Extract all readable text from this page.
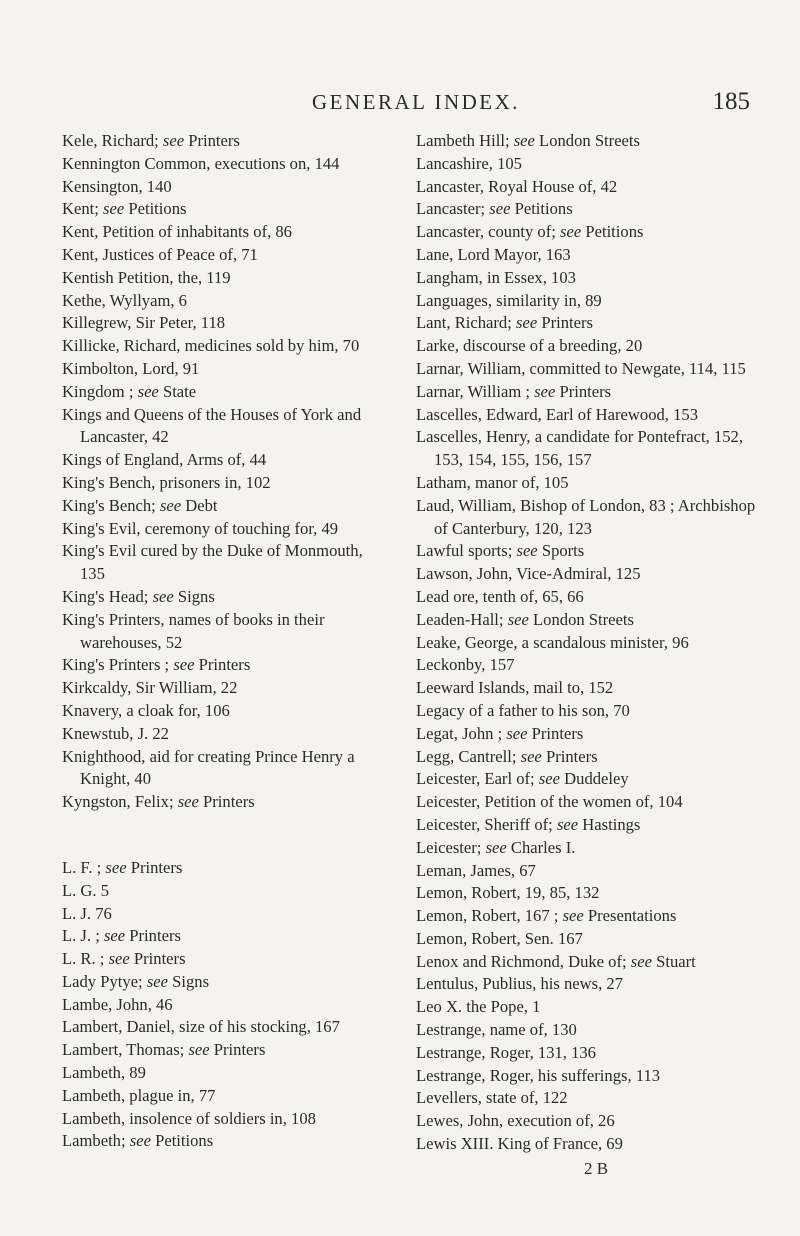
GENERAL INDEX.	185
Kele, Richard; see Printers
Kennington Common, executions on, 144
Kensington, 140
Kent; see Petitions
Kent, Petition of inhabitants of, 86
Kent, Justices of Peace of, 71
Kentish Petition, the, 119
Kethe, Wyllyam, 6
Killegrew, Sir Peter, 118
Killicke, Richard, medicines sold by him, 70
Kimbolton, Lord, 91
Kingdom ; see State
Kings and Queens of the Houses of York and Lancaster, 42
Kings of England, Arms of, 44
King's Bench, prisoners in, 102
King's Bench; see Debt
King's Evil, ceremony of touching for, 49
King's Evil cured by the Duke of Monmouth, 135
King's Head; see Signs
King's Printers, names of books in their warehouses, 52
King's Printers ; see Printers
Kirkcaldy, Sir William, 22
Knavery, a cloak for, 106
Knewstub, J. 22
Knighthood, aid for creating Prince Henry a Knight, 40
Kyngston, Felix; see Printers
L. F. ; see Printers
L. G. 5
L. J. 76
L. J. ; see Printers
L. R. ; see Printers
Lady Pytye; see Signs
Lambe, John, 46
Lambert, Daniel, size of his stocking, 167
Lambert, Thomas; see Printers
Lambeth, 89
Lambeth, plague in, 77
Lambeth, insolence of soldiers in, 108
Lambeth; see Petitions
Lambeth Hill; see London Streets
Lancashire, 105
Lancaster, Royal House of, 42
Lancaster; see Petitions
Lancaster, county of; see Petitions
Lane, Lord Mayor, 163
Langham, in Essex, 103
Languages, similarity in, 89
Lant, Richard; see Printers
Larke, discourse of a breeding, 20
Larnar, William, committed to Newgate, 114, 115
Larnar, William ; see Printers
Lascelles, Edward, Earl of Harewood, 153
Lascelles, Henry, a candidate for Pontefract, 152, 153, 154, 155, 156, 157
Latham, manor of, 105
Laud, William, Bishop of London, 83 ; Archbishop of Canterbury, 120, 123
Lawful sports; see Sports
Lawson, John, Vice-Admiral, 125
Lead ore, tenth of, 65, 66
Leaden-Hall; see London Streets
Leake, George, a scandalous minister, 96
Leckonby, 157
Leeward Islands, mail to, 152
Legacy of a father to his son, 70
Legat, John ; see Printers
Legg, Cantrell; see Printers
Leicester, Earl of; see Duddeley
Leicester, Petition of the women of, 104
Leicester, Sheriff of; see Hastings
Leicester; see Charles I.
Leman, James, 67
Lemon, Robert, 19, 85, 132
Lemon, Robert, 167 ; see Presentations
Lemon, Robert, Sen. 167
Lenox and Richmond, Duke of; see Stuart
Lentulus, Publius, his news, 27
Leo X. the Pope, 1
Lestrange, name of, 130
Lestrange, Roger, 131, 136
Lestrange, Roger, his sufferings, 113
Levellers, state of, 122
Lewes, John, execution of, 26
Lewis XIII. King of France, 69
2 B
